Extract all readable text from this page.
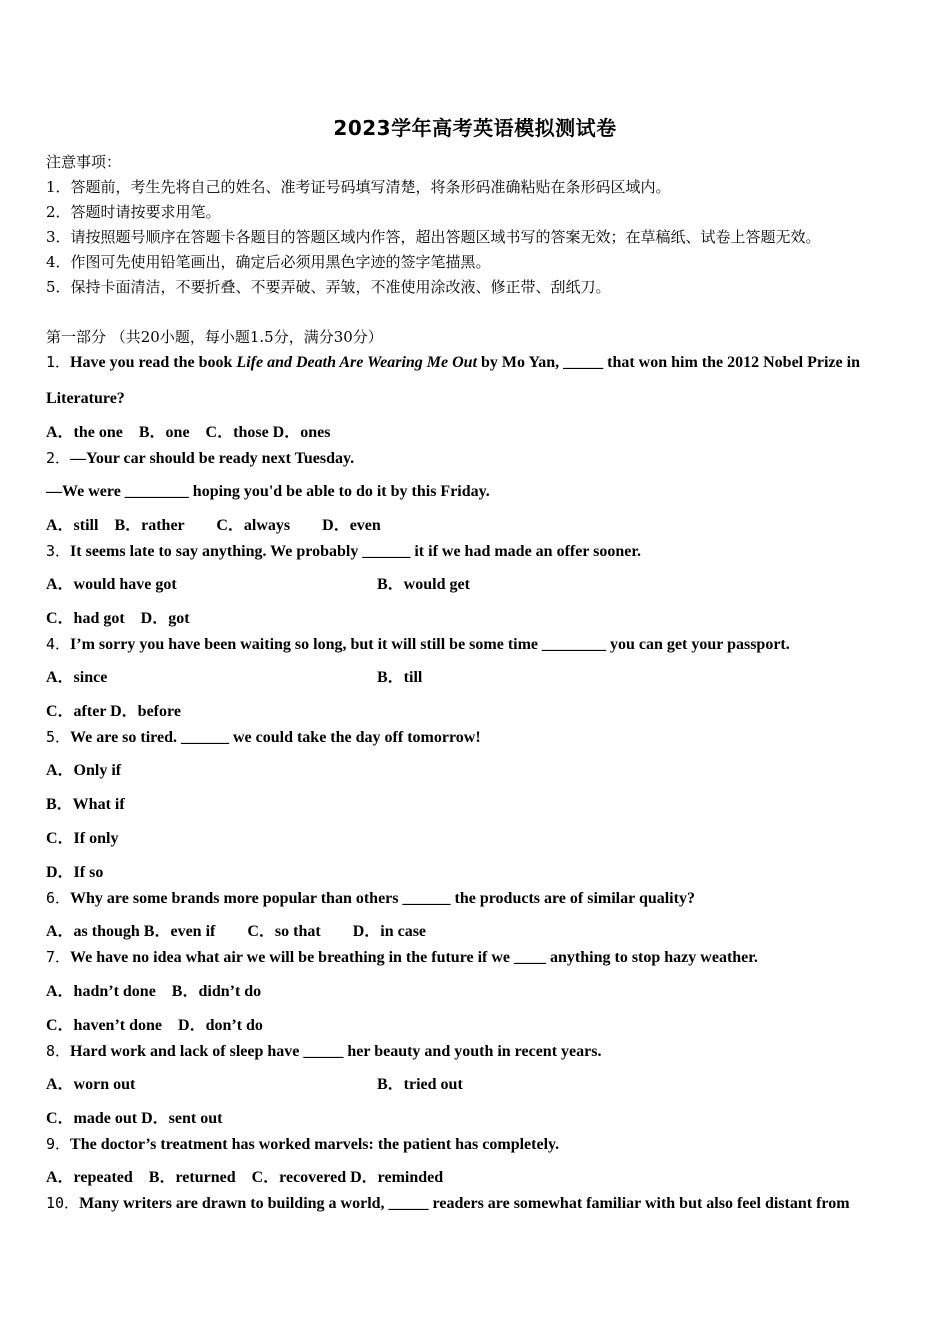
2023学年高考英语模拟测试卷
注意事项：
1．答题前，考生先将自己的姓名、准考证号码填写清楚，将条形码准确粘贴在条形码区域内。
2．答题时请按要求用笔。
3．请按照题号顺序在答题卡各题目的答题区域内作答，超出答题区域书写的答案无效；在草稿纸、试卷上答题无效。
4．作图可先使用铅笔画出，确定后必须用黑色字迹的签字笔描黑。
5．保持卡面清洁，不要折叠、不要弄破、弄皱，不准使用涂改液、修正带、刮纸刀。
第一部分 （共20小题，每小题1.5分，满分30分）
1．Have you read the book Life and Death Are Wearing Me Out by Mo Yan, _____ that won him the 2012 Nobel Prize in
Literature?
A．the one　B．one　C．those D．ones
2．—Your car should be ready next Tuesday.
—We were ________ hoping you'd be able to do it by this Friday.
A．still　B．rather　　C．always　　D．even
3．It seems late to say anything. We probably ______ it if we had made an offer sooner.
A．would have got	B．would get
C．had got　D．got
4．I’m sorry you have been waiting so long, but it will still be some time ________ you can get your passport.
A．since	B．till
C．after D．before
5．We are so tired. ______ we could take the day off tomorrow!
A．Only if
B．What if
C．If only
D．If so
6．Why are some brands more popular than others ______ the products are of similar quality?
A．as though B．even if　　C．so that　　D．in case
7．We have no idea what air we will be breathing in the future if we ____ anything to stop hazy weather.
A．hadn’t done　B．didn’t do
C．haven’t done　D．don’t do
8．Hard work and lack of sleep have _____ her beauty and youth in recent years.
A．worn out	B．tried out
C．made out D．sent out
9．The doctor’s treatment has worked marvels: the patient has completely.
A．repeated　B．returned　C．recovered D．reminded
10．Many writers are drawn to building a world, _____ readers are somewhat familiar with but also feel distant from
